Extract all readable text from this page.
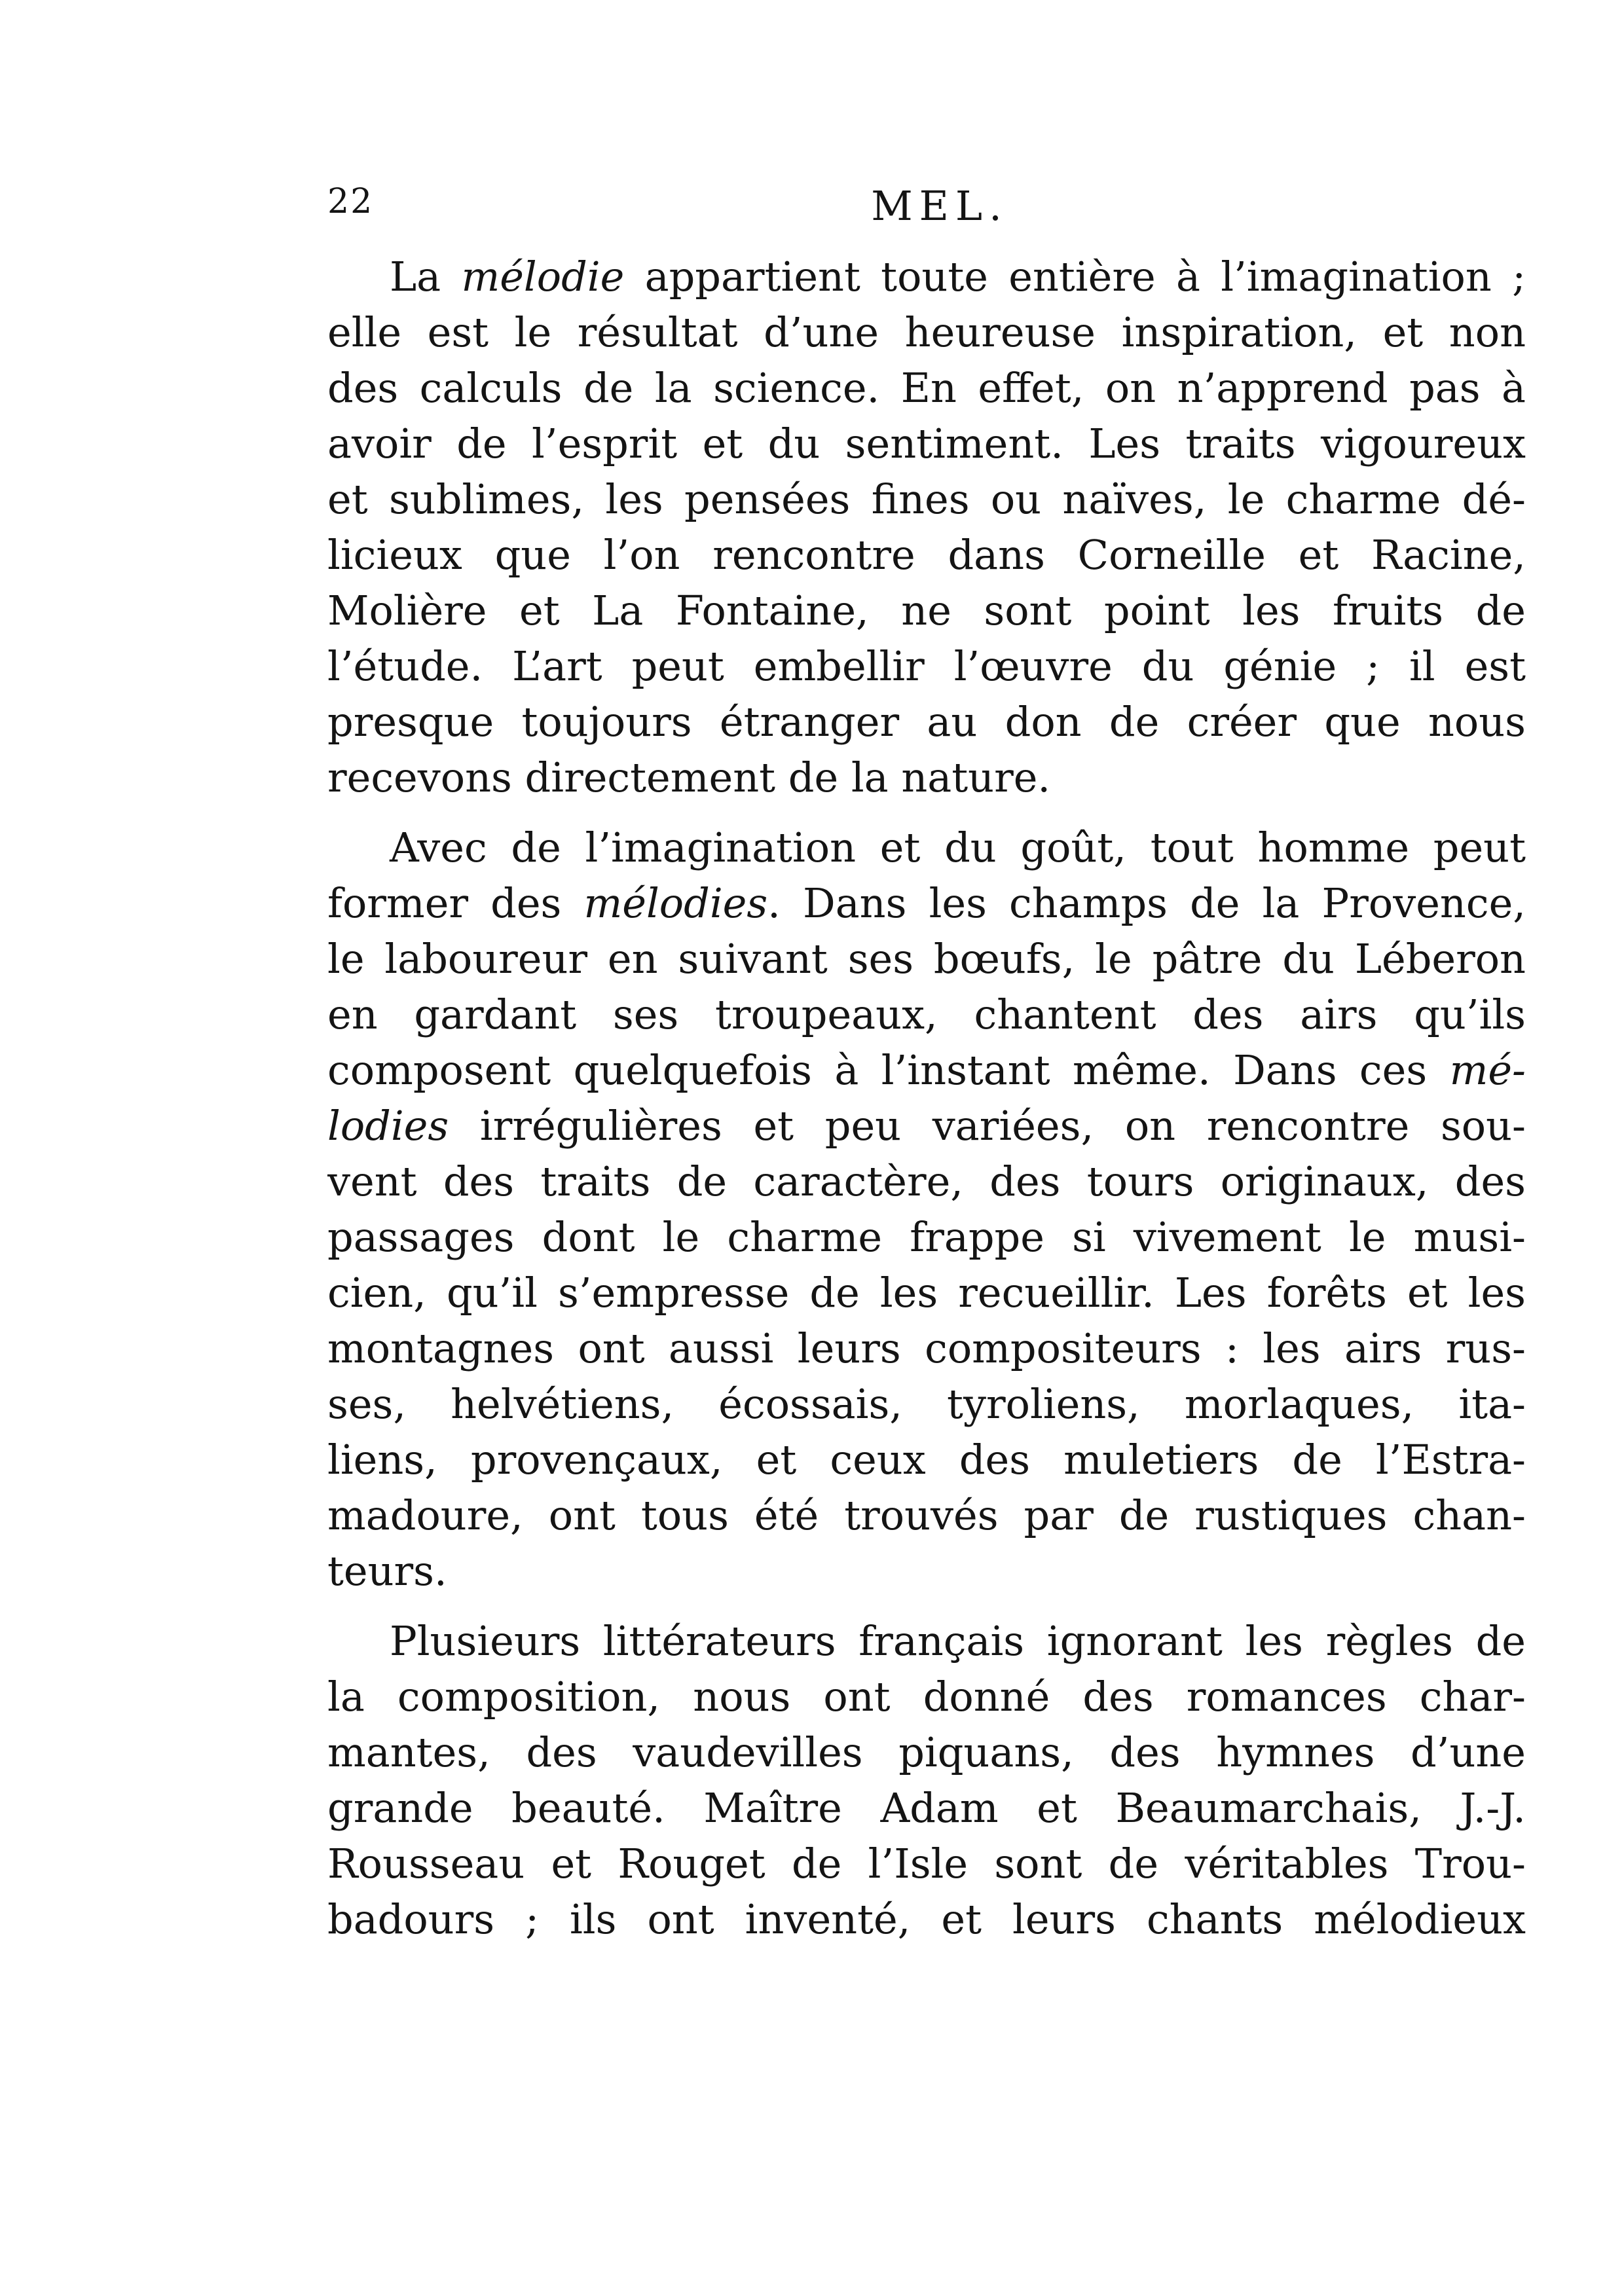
22	MEL.
La mélodie appartient toute entière à l’imagination ;
elle est le résultat d’une heureuse inspiration, et non
des calculs de la science. En effet, on n’apprend pas à
avoir de l’esprit et du sentiment. Les traits vigoureux
et sublimes, les pensées fines ou naïves, le charme dé-
licieux que l’on rencontre dans Corneille et Racine,
Molière et La Fontaine, ne sont point les fruits de
l’étude. L’art peut embellir l’œuvre du génie ; il est
presque toujours étranger au don de créer que nous
recevons directement de la nature.
Avec de l’imagination et du goût, tout homme peut
former des mélodies. Dans les champs de la Provence,
le laboureur en suivant ses bœufs, le pâtre du Léberon
en gardant ses troupeaux, chantent des airs qu’ils
composent quelquefois à l’instant même. Dans ces mé-
lodies irrégulières et peu variées, on rencontre sou-
vent des traits de caractère, des tours originaux, des
passages dont le charme frappe si vivement le musi-
cien, qu’il s’empresse de les recueillir. Les forêts et les
montagnes ont aussi leurs compositeurs : les airs rus-
ses, helvétiens, écossais, tyroliens, morlaques, ita-
liens, provençaux, et ceux des muletiers de l’Estra-
madoure, ont tous été trouvés par de rustiques chan-
teurs.
Plusieurs littérateurs français ignorant les règles de
la composition, nous ont donné des romances char-
mantes, des vaudevilles piquans, des hymnes d’une
grande beauté. Maître Adam et Beaumarchais, J.-J.
Rousseau et Rouget de l’Isle sont de véritables Trou-
badours ; ils ont inventé, et leurs chants mélodieux
